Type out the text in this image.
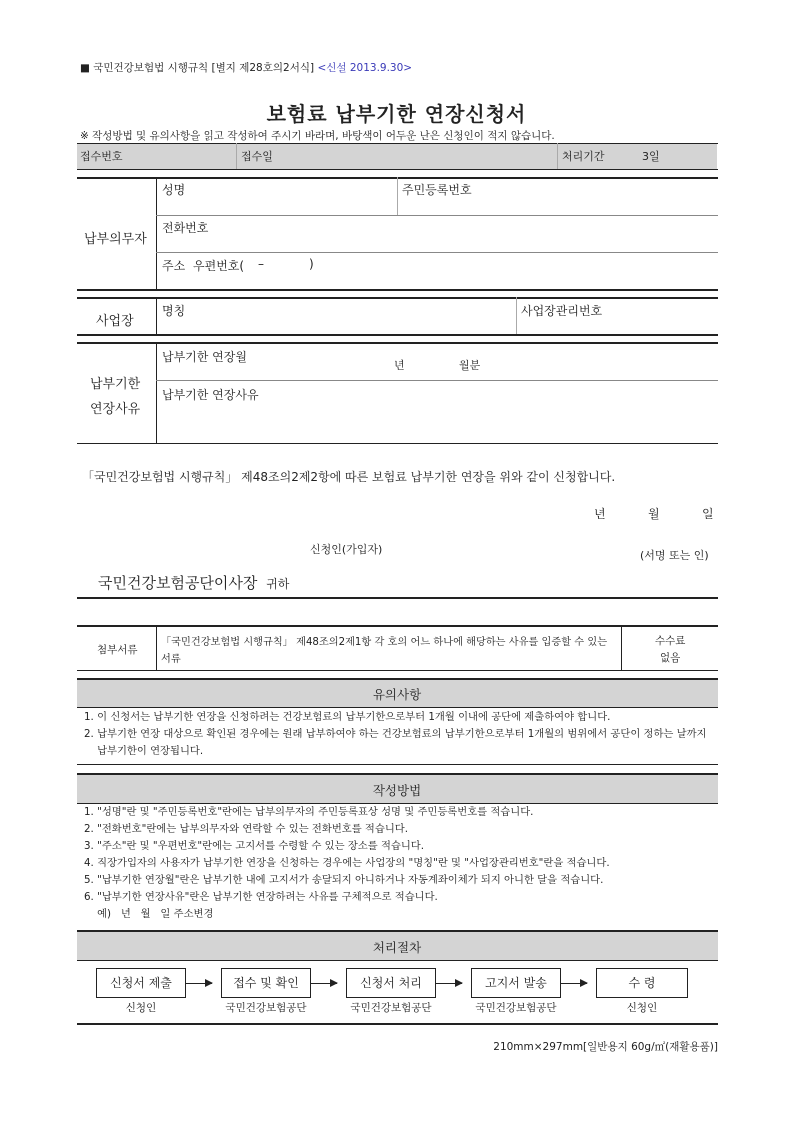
■ 국민건강보험법 시행규칙 [별지 제28호의2서식] <신설 2013.9.30>
보험료 납부기한 연장신청서
※ 작성방법 및 유의사항을 읽고 작성하여 주시기 바라며, 바탕색이 어두운 난은 신청인이 적지 않습니다.
접수번호	접수일	처리기간	3일
납부의무자
성명	주민등록번호
전화번호
주소 우편번호( –	)
사업장
명칭	사업장관리번호
납부기한
연장사유
납부기한 연장월
년	월분
납부기한 연장사유
「국민건강보험법 시행규칙」 제48조의2제2항에 따른 보험료 납부기한 연장을 위와 같이 신청합니다.
년	월	일
신청인(가입자)	(서명 또는 인)
국민건강보험공단이사장 귀하
첨부서류
「국민건강보험법 시행규칙」 제48조의2제1항 각 호의 어느 하나에 해당하는 사유를 입증할 수 있는
서류
수수료
없음
유의사항
1. 이 신청서는 납부기한 연장을 신청하려는 건강보험료의 납부기한으로부터 1개월 이내에 공단에 제출하여야 합니다.
2. 납부기한 연장 대상으로 확인된 경우에는 원래 납부하여야 하는 건강보험료의 납부기한으로부터 1개월의 범위에서 공단이 정하는 날까지
납부기한이 연장됩니다.
작성방법
1. "성명"란 및 "주민등록번호"란에는 납부의무자의 주민등록표상 성명 및 주민등록번호를 적습니다.
2. "전화번호"란에는 납부의무자와 연락할 수 있는 전화번호를 적습니다.
3. "주소"란 및 "우편번호"란에는 고지서를 수령할 수 있는 장소를 적습니다.
4. 직장가입자의 사용자가 납부기한 연장을 신청하는 경우에는 사업장의 "명칭"란 및 "사업장관리번호"란을 적습니다.
5. "납부기한 연장월"란은 납부기한 내에 고지서가 송달되지 아니하거나 자동계좌이체가 되지 아니한 달을 적습니다.
6. "납부기한 연장사유"란은 납부기한 연장하려는 사유를 구체적으로 적습니다.
예)   년   월   일 주소변경
처리절차
신청서 제출	접수 및 확인	신청서 처리	고지서 발송	수 령
신청인	국민건강보험공단	국민건강보험공단	국민건강보험공단	신청인
210mm×297mm[일반용지 60g/㎡(재활용품)]
